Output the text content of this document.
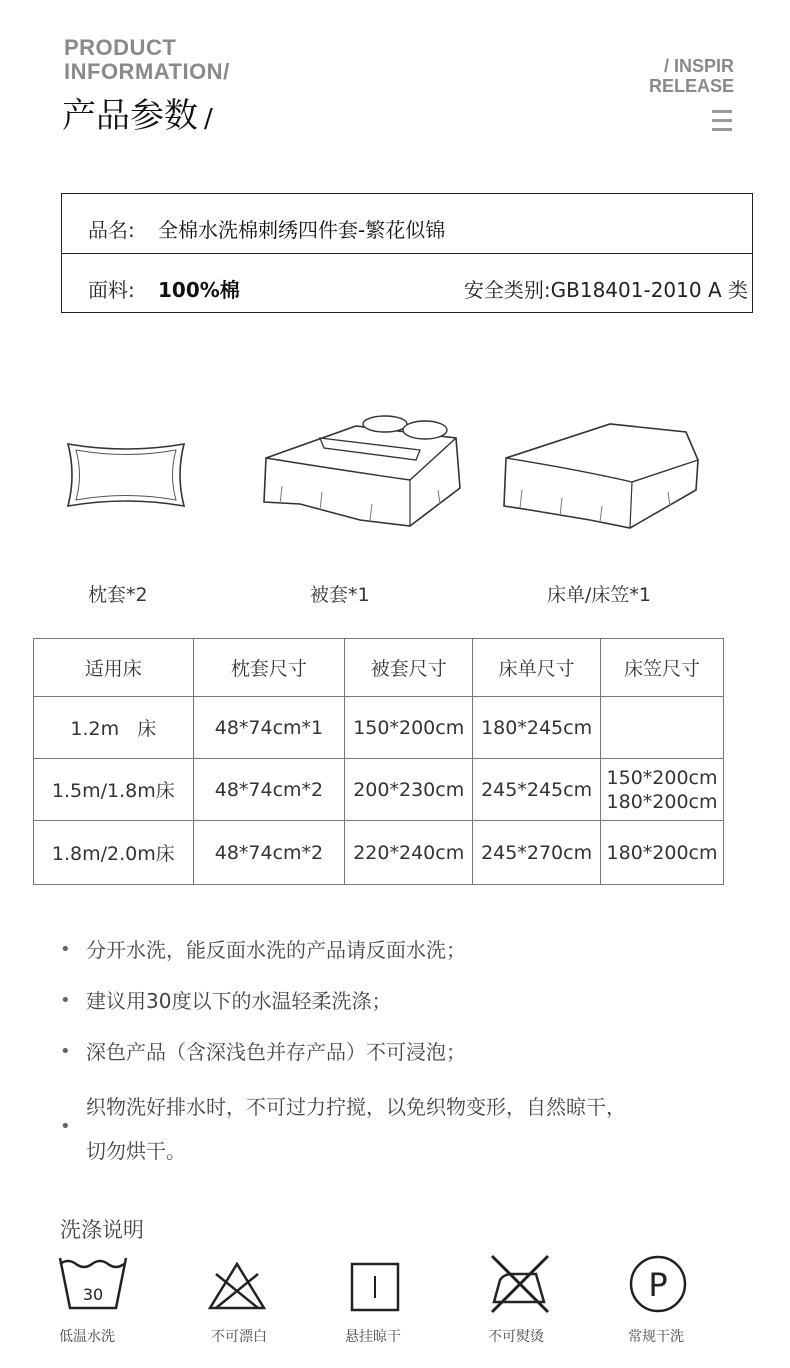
PRODUCT
INFORMATION/
产品参数 /
/ INSPIR
RELEASE
品名: 全棉水洗棉刺绣四件套-繁花似锦
面料: 100%棉	安全类别:GB18401-2010 A 类
枕套*2	被套*1	床单/床笠*1
适用床	枕套尺寸	被套尺寸	床单尺寸	床笠尺寸
1.2m   床	48*74cm*1	150*200cm	180*245cm	

1.5m/1.8m床	48*74cm*2	200*230cm	245*245cm	150*200cm
180*200cm

1.8m/2.0m床	48*74cm*2	220*240cm	245*270cm	180*200cm
• 分开水洗，能反面水洗的产品请反面水洗；
• 建议用30度以下的水温轻柔洗涤；
• 深色产品（含深浅色并存产品）不可浸泡；
• 织物洗好排水时，不可过力拧搅，以免织物变形，自然晾干，
切勿烘干。
洗涤说明
30	P
低温水洗	不可漂白	悬挂晾干	不可熨烫	常规干洗
